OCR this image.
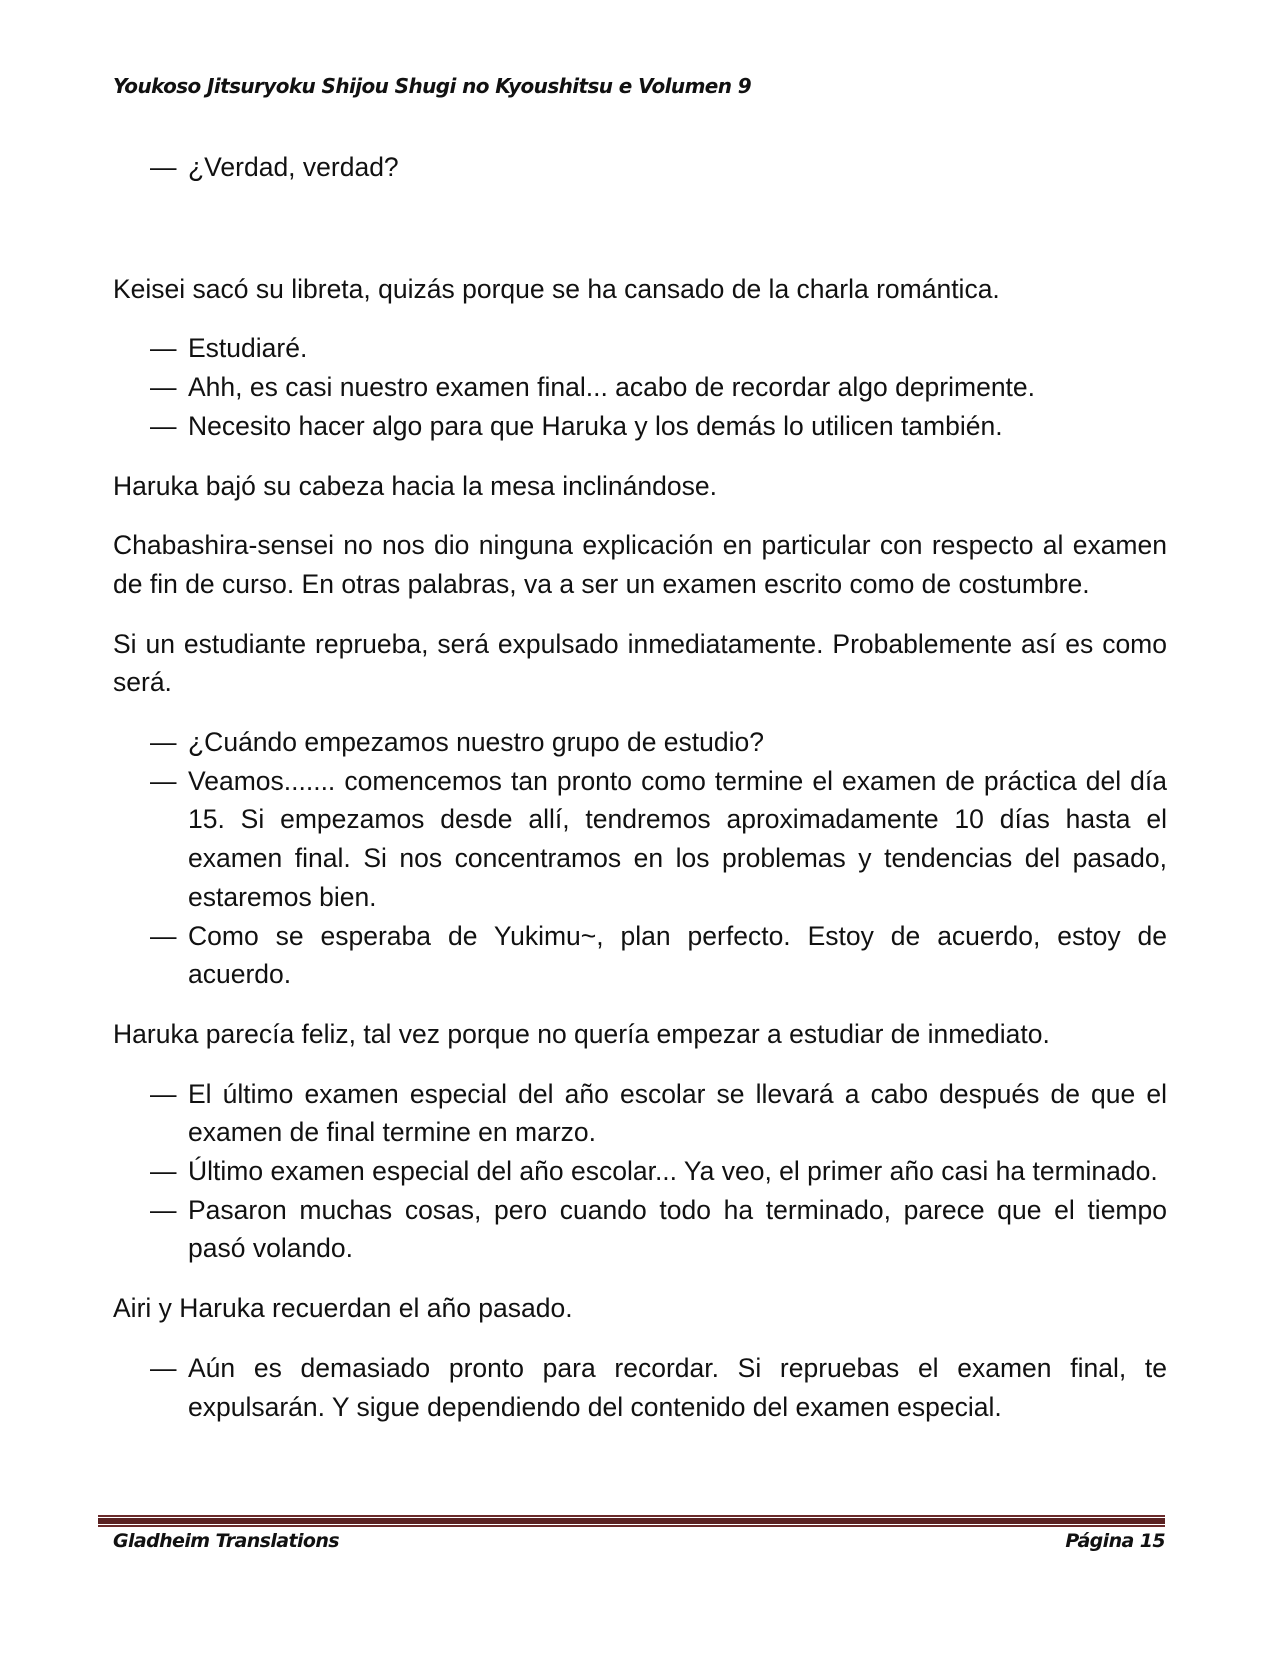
Youkoso Jitsuryoku Shijou Shugi no Kyoushitsu e Volumen 9
— ¿Verdad, verdad?

Keisei sacó su libreta, quizás porque se ha cansado de la charla romántica.

— Estudiaré.
— Ahh, es casi nuestro examen final... acabo de recordar algo deprimente.
— Necesito hacer algo para que Haruka y los demás lo utilicen también.

Haruka bajó su cabeza hacia la mesa inclinándose.

Chabashira-sensei no nos dio ninguna explicación en particular con respecto al examen de fin de curso. En otras palabras, va a ser un examen escrito como de costumbre.

Si un estudiante reprueba, será expulsado inmediatamente. Probablemente así es como será.

— ¿Cuándo empezamos nuestro grupo de estudio?
— Veamos....... comencemos tan pronto como termine el examen de práctica del día 15. Si empezamos desde allí, tendremos aproximadamente 10 días hasta el examen final. Si nos concentramos en los problemas y tendencias del pasado, estaremos bien.
— Como se esperaba de Yukimu~, plan perfecto. Estoy de acuerdo, estoy de acuerdo.

Haruka parecía feliz, tal vez porque no quería empezar a estudiar de inmediato.

— El último examen especial del año escolar se llevará a cabo después de que el examen de final termine en marzo.
— Último examen especial del año escolar... Ya veo, el primer año casi ha terminado.
— Pasaron muchas cosas, pero cuando todo ha terminado, parece que el tiempo pasó volando.

Airi y Haruka recuerdan el año pasado.

— Aún es demasiado pronto para recordar. Si repruebas el examen final, te expulsarán. Y sigue dependiendo del contenido del examen especial.
Gladheim Translations	Página 15
